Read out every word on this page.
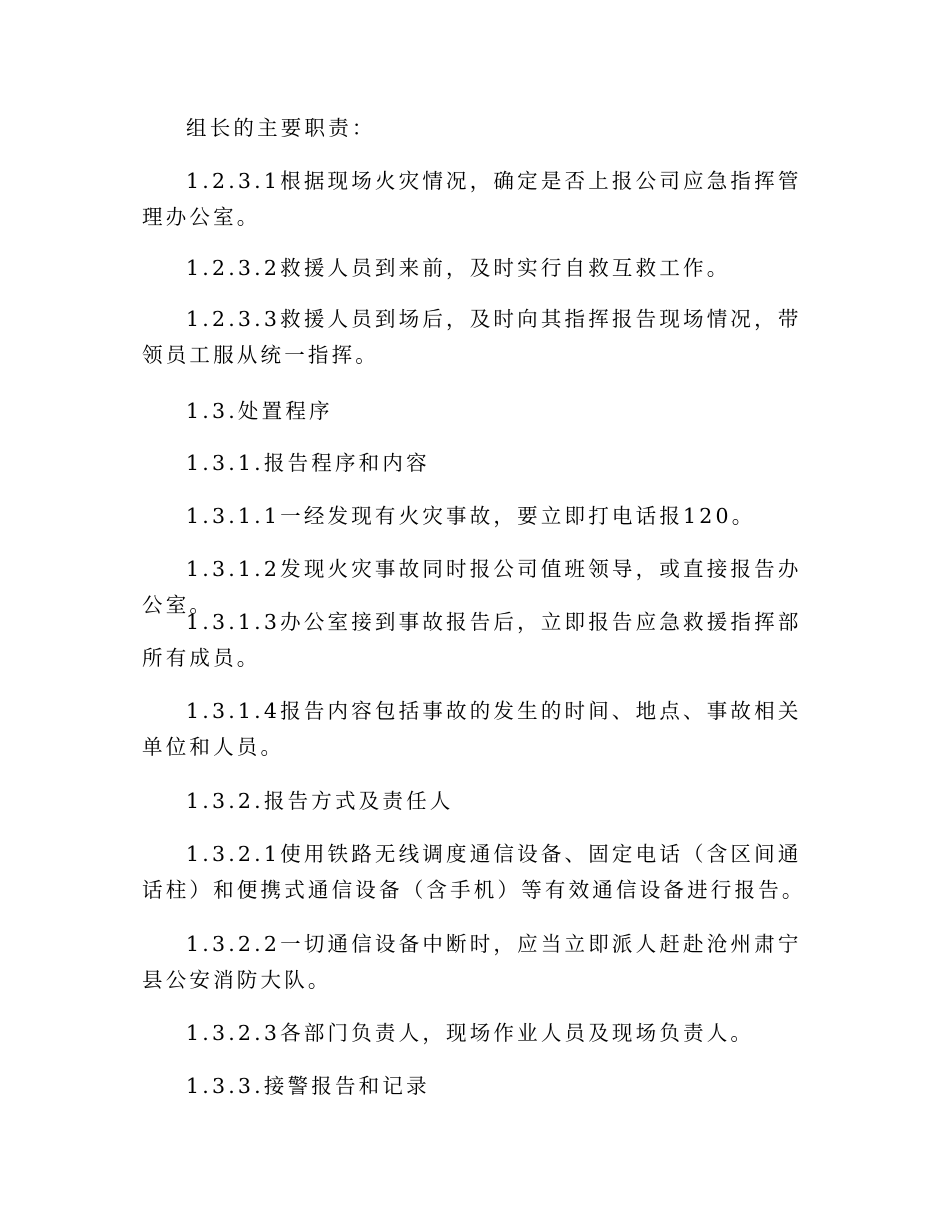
组长的主要职责：

1.2.3.1根据现场火灾情况，确定是否上报公司应急指挥管理办公室。

1.2.3.2救援人员到来前，及时实行自救互救工作。

1.2.3.3救援人员到场后，及时向其指挥报告现场情况，带领员工服从统一指挥。

1.3.处置程序

1.3.1.报告程序和内容

1.3.1.1一经发现有火灾事故，要立即打电话报120。

1.3.1.2发现火灾事故同时报公司值班领导，或直接报告办公室。

1.3.1.3办公室接到事故报告后，立即报告应急救援指挥部所有成员。

1.3.1.4报告内容包括事故的发生的时间、地点、事故相关单位和人员。

1.3.2.报告方式及责任人

1.3.2.1使用铁路无线调度通信设备、固定电话（含区间通话柱）和便携式通信设备（含手机）等有效通信设备进行报告。

1.3.2.2一切通信设备中断时，应当立即派人赶赴沧州肃宁县公安消防大队。

1.3.2.3各部门负责人，现场作业人员及现场负责人。

1.3.3.接警报告和记录
